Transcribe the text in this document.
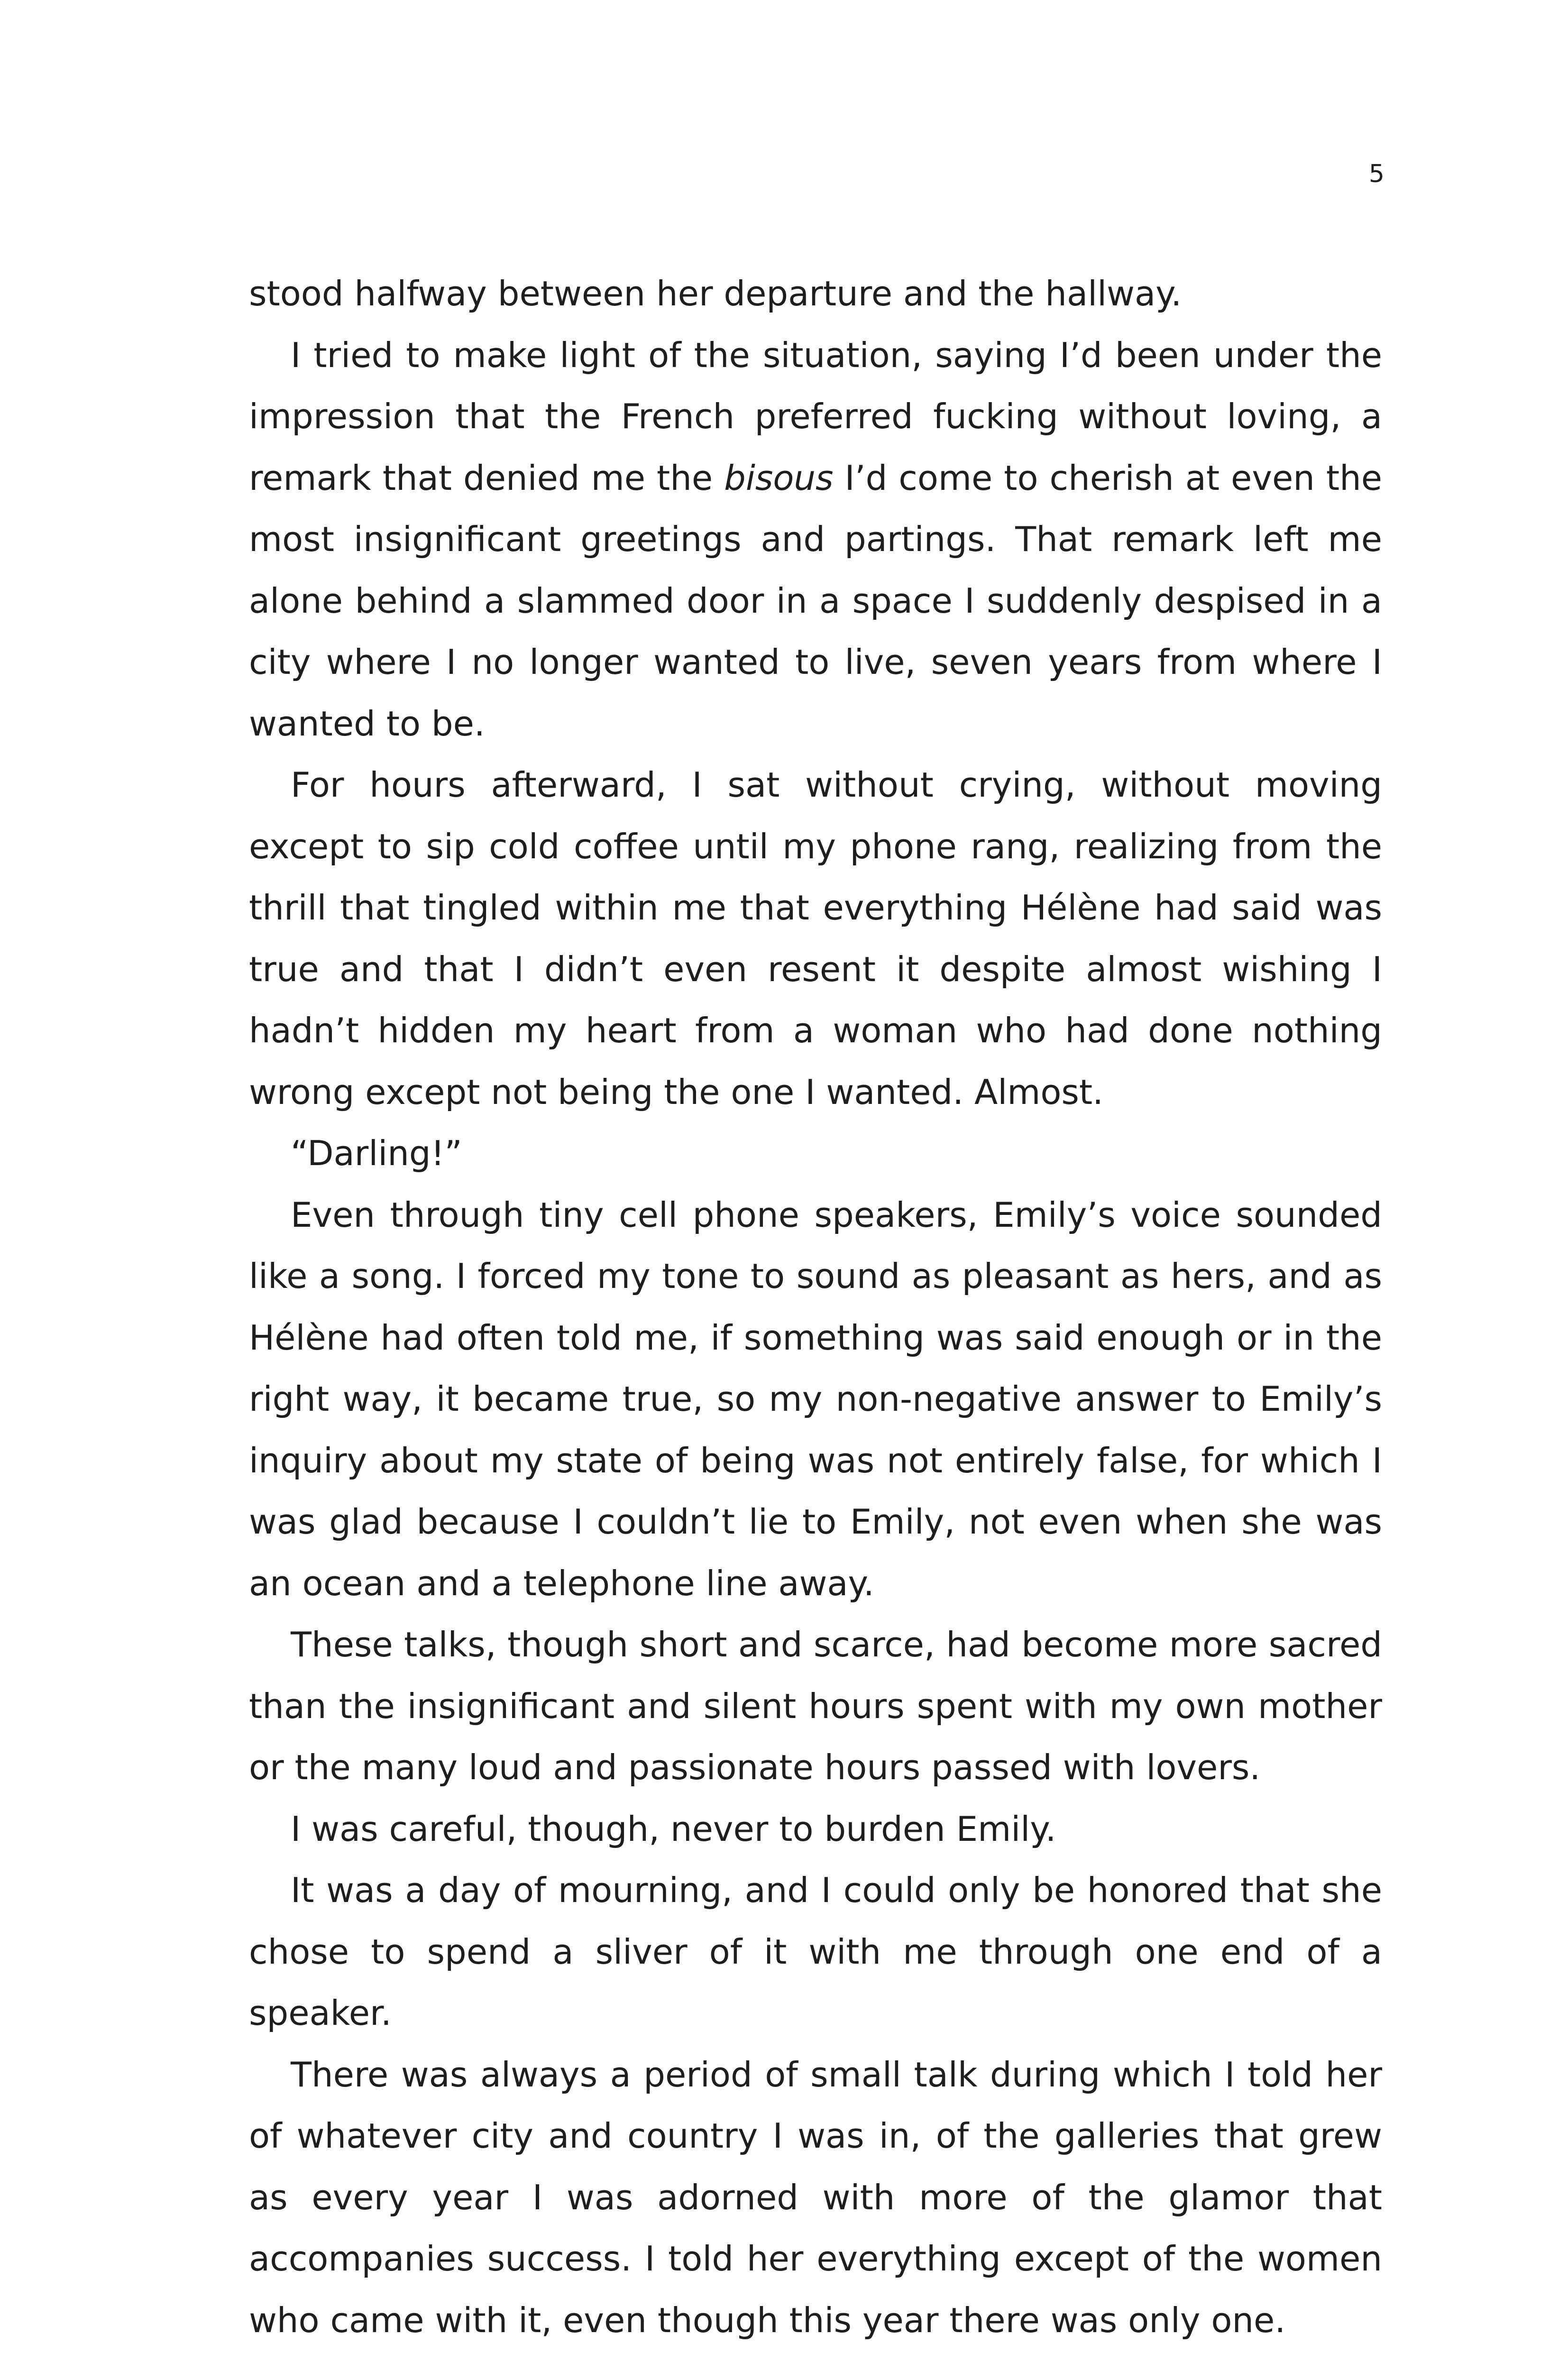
5

stood halfway between her departure and the hallway.

I tried to make light of the situation, saying I’d been under the impression that the French preferred fucking without loving, a remark that denied me the bisous I’d come to cherish at even the most insignificant greetings and partings. That remark left me alone behind a slammed door in a space I suddenly despised in a city where I no longer wanted to live, seven years from where I wanted to be.

For hours afterward, I sat without crying, without moving except to sip cold coffee until my phone rang, realizing from the thrill that tingled within me that everything Hélène had said was true and that I didn’t even resent it despite almost wishing I hadn’t hidden my heart from a woman who had done nothing wrong except not being the one I wanted. Almost.

“Darling!”

Even through tiny cell phone speakers, Emily’s voice sounded like a song. I forced my tone to sound as pleasant as hers, and as Hélène had often told me, if something was said enough or in the right way, it became true, so my non-negative answer to Emily’s inquiry about my state of being was not entirely false, for which I was glad because I couldn’t lie to Emily, not even when she was an ocean and a telephone line away.

These talks, though short and scarce, had become more sacred than the insignificant and silent hours spent with my own mother or the many loud and passionate hours passed with lovers.

I was careful, though, never to burden Emily.

It was a day of mourning, and I could only be honored that she chose to spend a sliver of it with me through one end of a speaker.

There was always a period of small talk during which I told her of whatever city and country I was in, of the galleries that grew as every year I was adorned with more of the glamor that accompanies success. I told her everything except of the women who came with it, even though this year there was only one.
